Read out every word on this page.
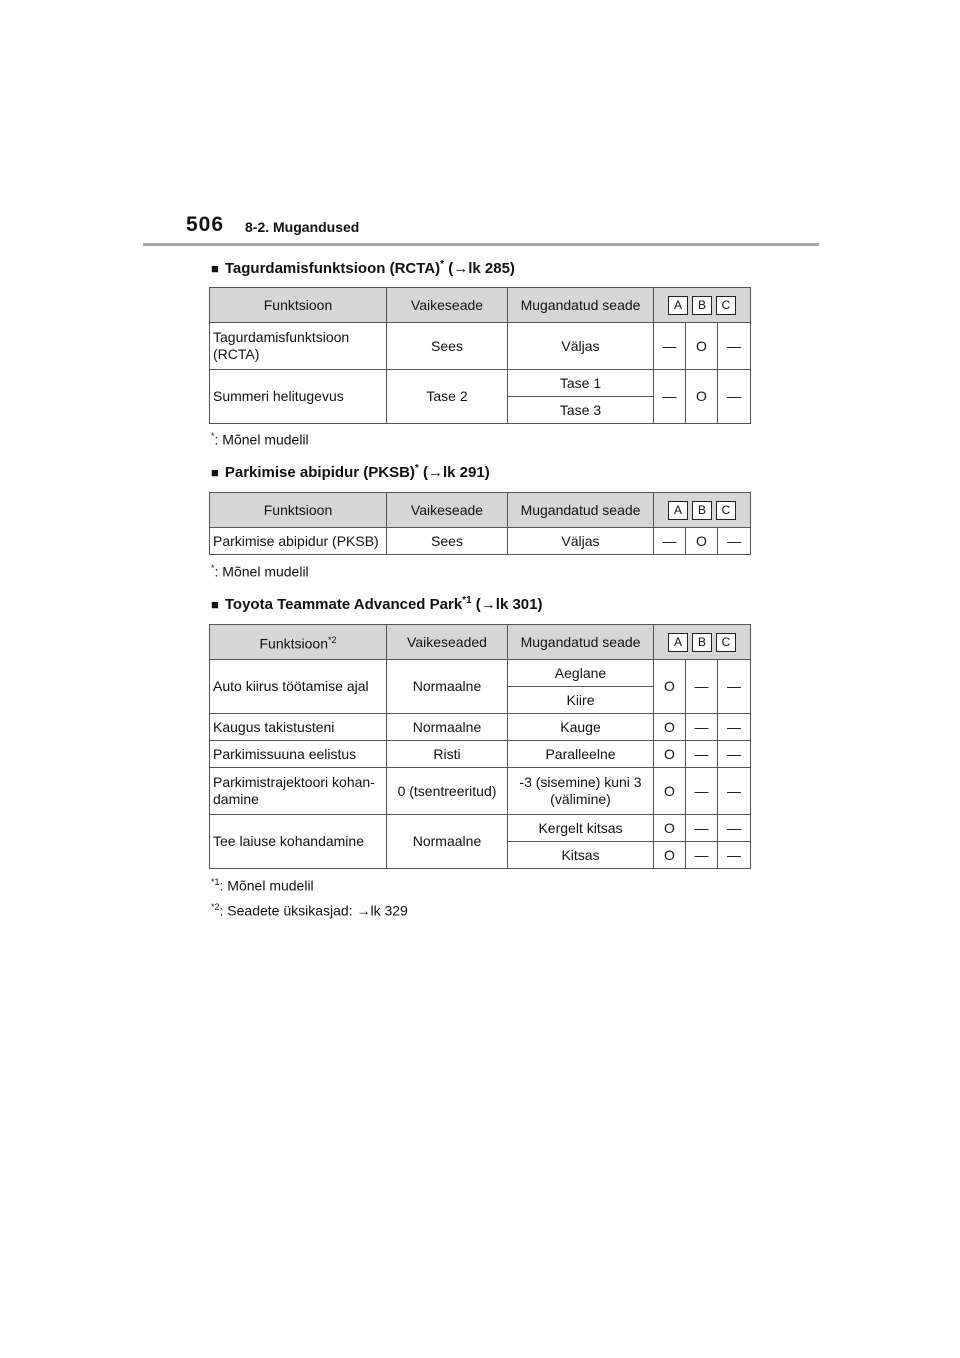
506 8-2. Mugandused
■ Tagurdamisfunktsioon (RCTA)* (→lk 285)
Funktsioon	Vaikeseade	Mugandatud seade	A B C		
Tagurdamisfunktsioon (RCTA)	Sees	Väljas	—	O	—
Summeri helitugevus	Tase 2	Tase 1	—	O	—
		Tase 3			
*: Mõnel mudelil
■ Parkimise abipidur (PKSB)* (→lk 291)
Funktsioon	Vaikeseade	Mugandatud seade	A B C		
Parkimise abipidur (PKSB)	Sees	Väljas	—	O	—
*: Mõnel mudelil
■ Toyota Teammate Advanced Park$^{*1}$ (→lk 301)
Funktsioon$^{*2}$	Vaikeseaded	Mugandatud seade	A B C		
Auto kiirus töötamise ajal	Normaalne	Aeglane	O	—	—
		Kiire			
Kaugus takistusteni	Normaalne	Kauge	O	—	—
Parkimissuuna eelistus	Risti	Paralleelne	O	—	—
Parkimistrajektoori kohan-damine	0 (tsentreeritud)	-3 (sisemine) kuni 3 (välimine)	O	—	—
Tee laiuse kohandamine	Normaalne	Kergelt kitsas	O	—	—
		Kitsas	O	—	—
$^{*1}$: Mõnel mudelil
$^{*2}$: Seadete üksikasjad: →lk 329
